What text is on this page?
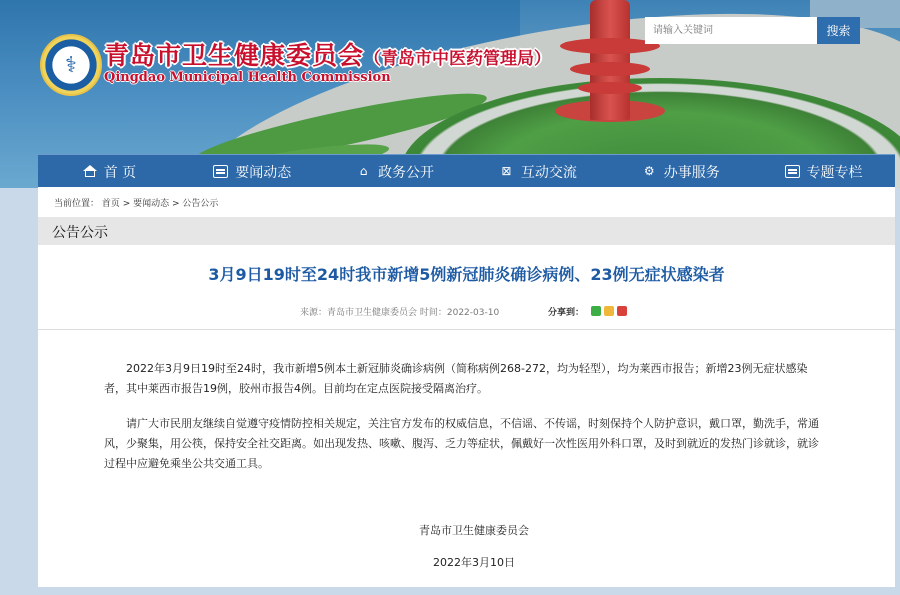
⚕	青岛市卫生健康委员会（青岛市中医药管理局）
Qingdao Municipal Health Commission
请输入关键词
搜索
首 页	要闻动态	⌂ 政务公开	⊠ 互动交流	⚙ 办事服务	专题专栏
当前位置： 首页 > 要闻动态 > 公告公示
公告公示
3月9日19时至24时我市新增5例新冠肺炎确诊病例、23例无症状感染者
来源：青岛市卫生健康委员会 时间：2022-03-10	分享到：

2022年3月9日19时至24时，我市新增5例本土新冠肺炎确诊病例（简称病例268-272，均为轻型），均为莱西市报告；新增23例无症状感染者，其中莱西市报告19例，胶州市报告4例。目前均在定点医院接受隔离治疗。

请广大市民朋友继续自觉遵守疫情防控相关规定，关注官方发布的权威信息，不信谣、不传谣，时刻保持个人防护意识，戴口罩，勤洗手，常通风，少聚集，用公筷，保持安全社交距离。如出现发热、咳嗽、腹泻、乏力等症状，佩戴好一次性医用外科口罩，及时到就近的发热门诊就诊，就诊过程中应避免乘坐公共交通工具。

青岛市卫生健康委员会
2022年3月10日
